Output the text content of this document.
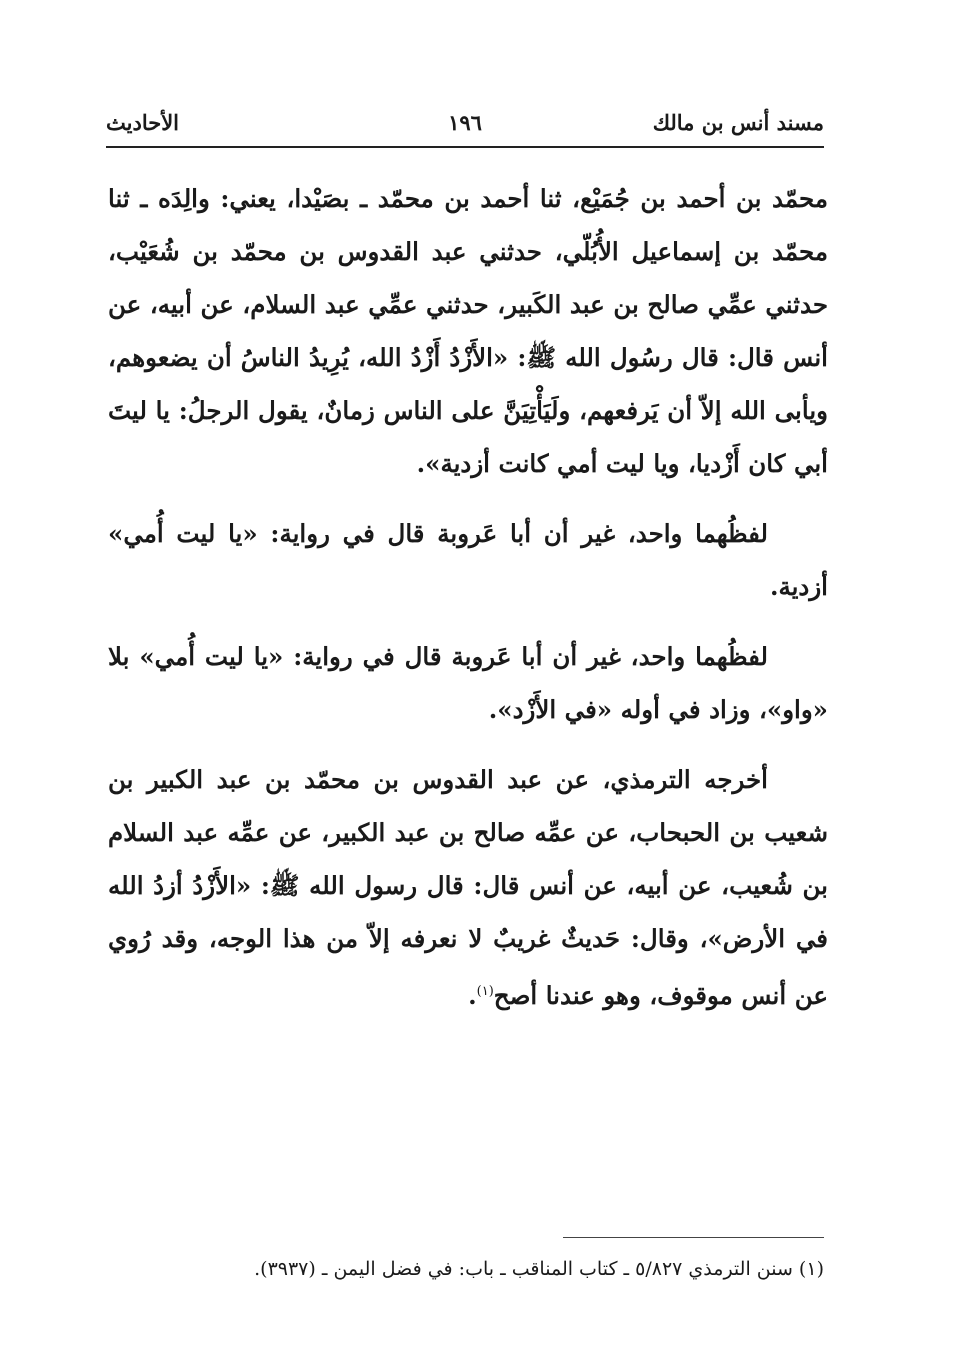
مسند أنس بن مالك
١٩٦
الأحاديث

محمّد بن أحمد بن جُمَيْع، ثنا أحمد بن محمّد ـ بصَيْدا، يعني: والِدَه ـ ثنا محمّد بن إسماعيل الأُبُلّي، حدثني عبد القدوس بن محمّد بن شُعَيْب، حدثني عمِّي صالح بن عبد الكَبير، حدثني عمِّي عبد السلام، عن أبيه، عن أنس قال: قال رسُول الله ﷺ: «الأَزْدُ أَزْدُ الله، يُرِيدُ الناسُ أن يضعوهم، ويأبى الله إلاّ أن يَرفعهم، ولَيَأْتِيَنَّ على الناس زمانٌ، يقول الرجلُ: يا ليتَ أبي كان أَزْديا، ويا ليت أمي كانت أزدية».

لفظُهما واحد، غير أن أبا عَروبة قال في رواية: «يا ليت أُمي» أزدية.

لفظُهما واحد، غير أن أبا عَروبة قال في رواية: «يا ليت أُمي» بلا «واو»، وزاد في أوله «في الأَزْد».

أخرجه الترمذي، عن عبد القدوس بن محمّد بن عبد الكبير بن شعيب بن الحبحاب، عن عمِّه صالح بن عبد الكبير، عن عمِّه عبد السلام بن شُعيب، عن أبيه، عن أنس قال: قال رسول الله ﷺ: «الأَزْدُ أزدُ الله في الأرض»، وقال: حَديثٌ غريبٌ لا نعرفه إلاّ من هذا الوجه، وقد رُوي عن أنس موقوف، وهو عندنا أصح$^{(١)}$.

(١) سنن الترمذي ٥/٨٢٧ ـ كتاب المناقب ـ باب: في فضل اليمن ـ (٣٩٣٧).
